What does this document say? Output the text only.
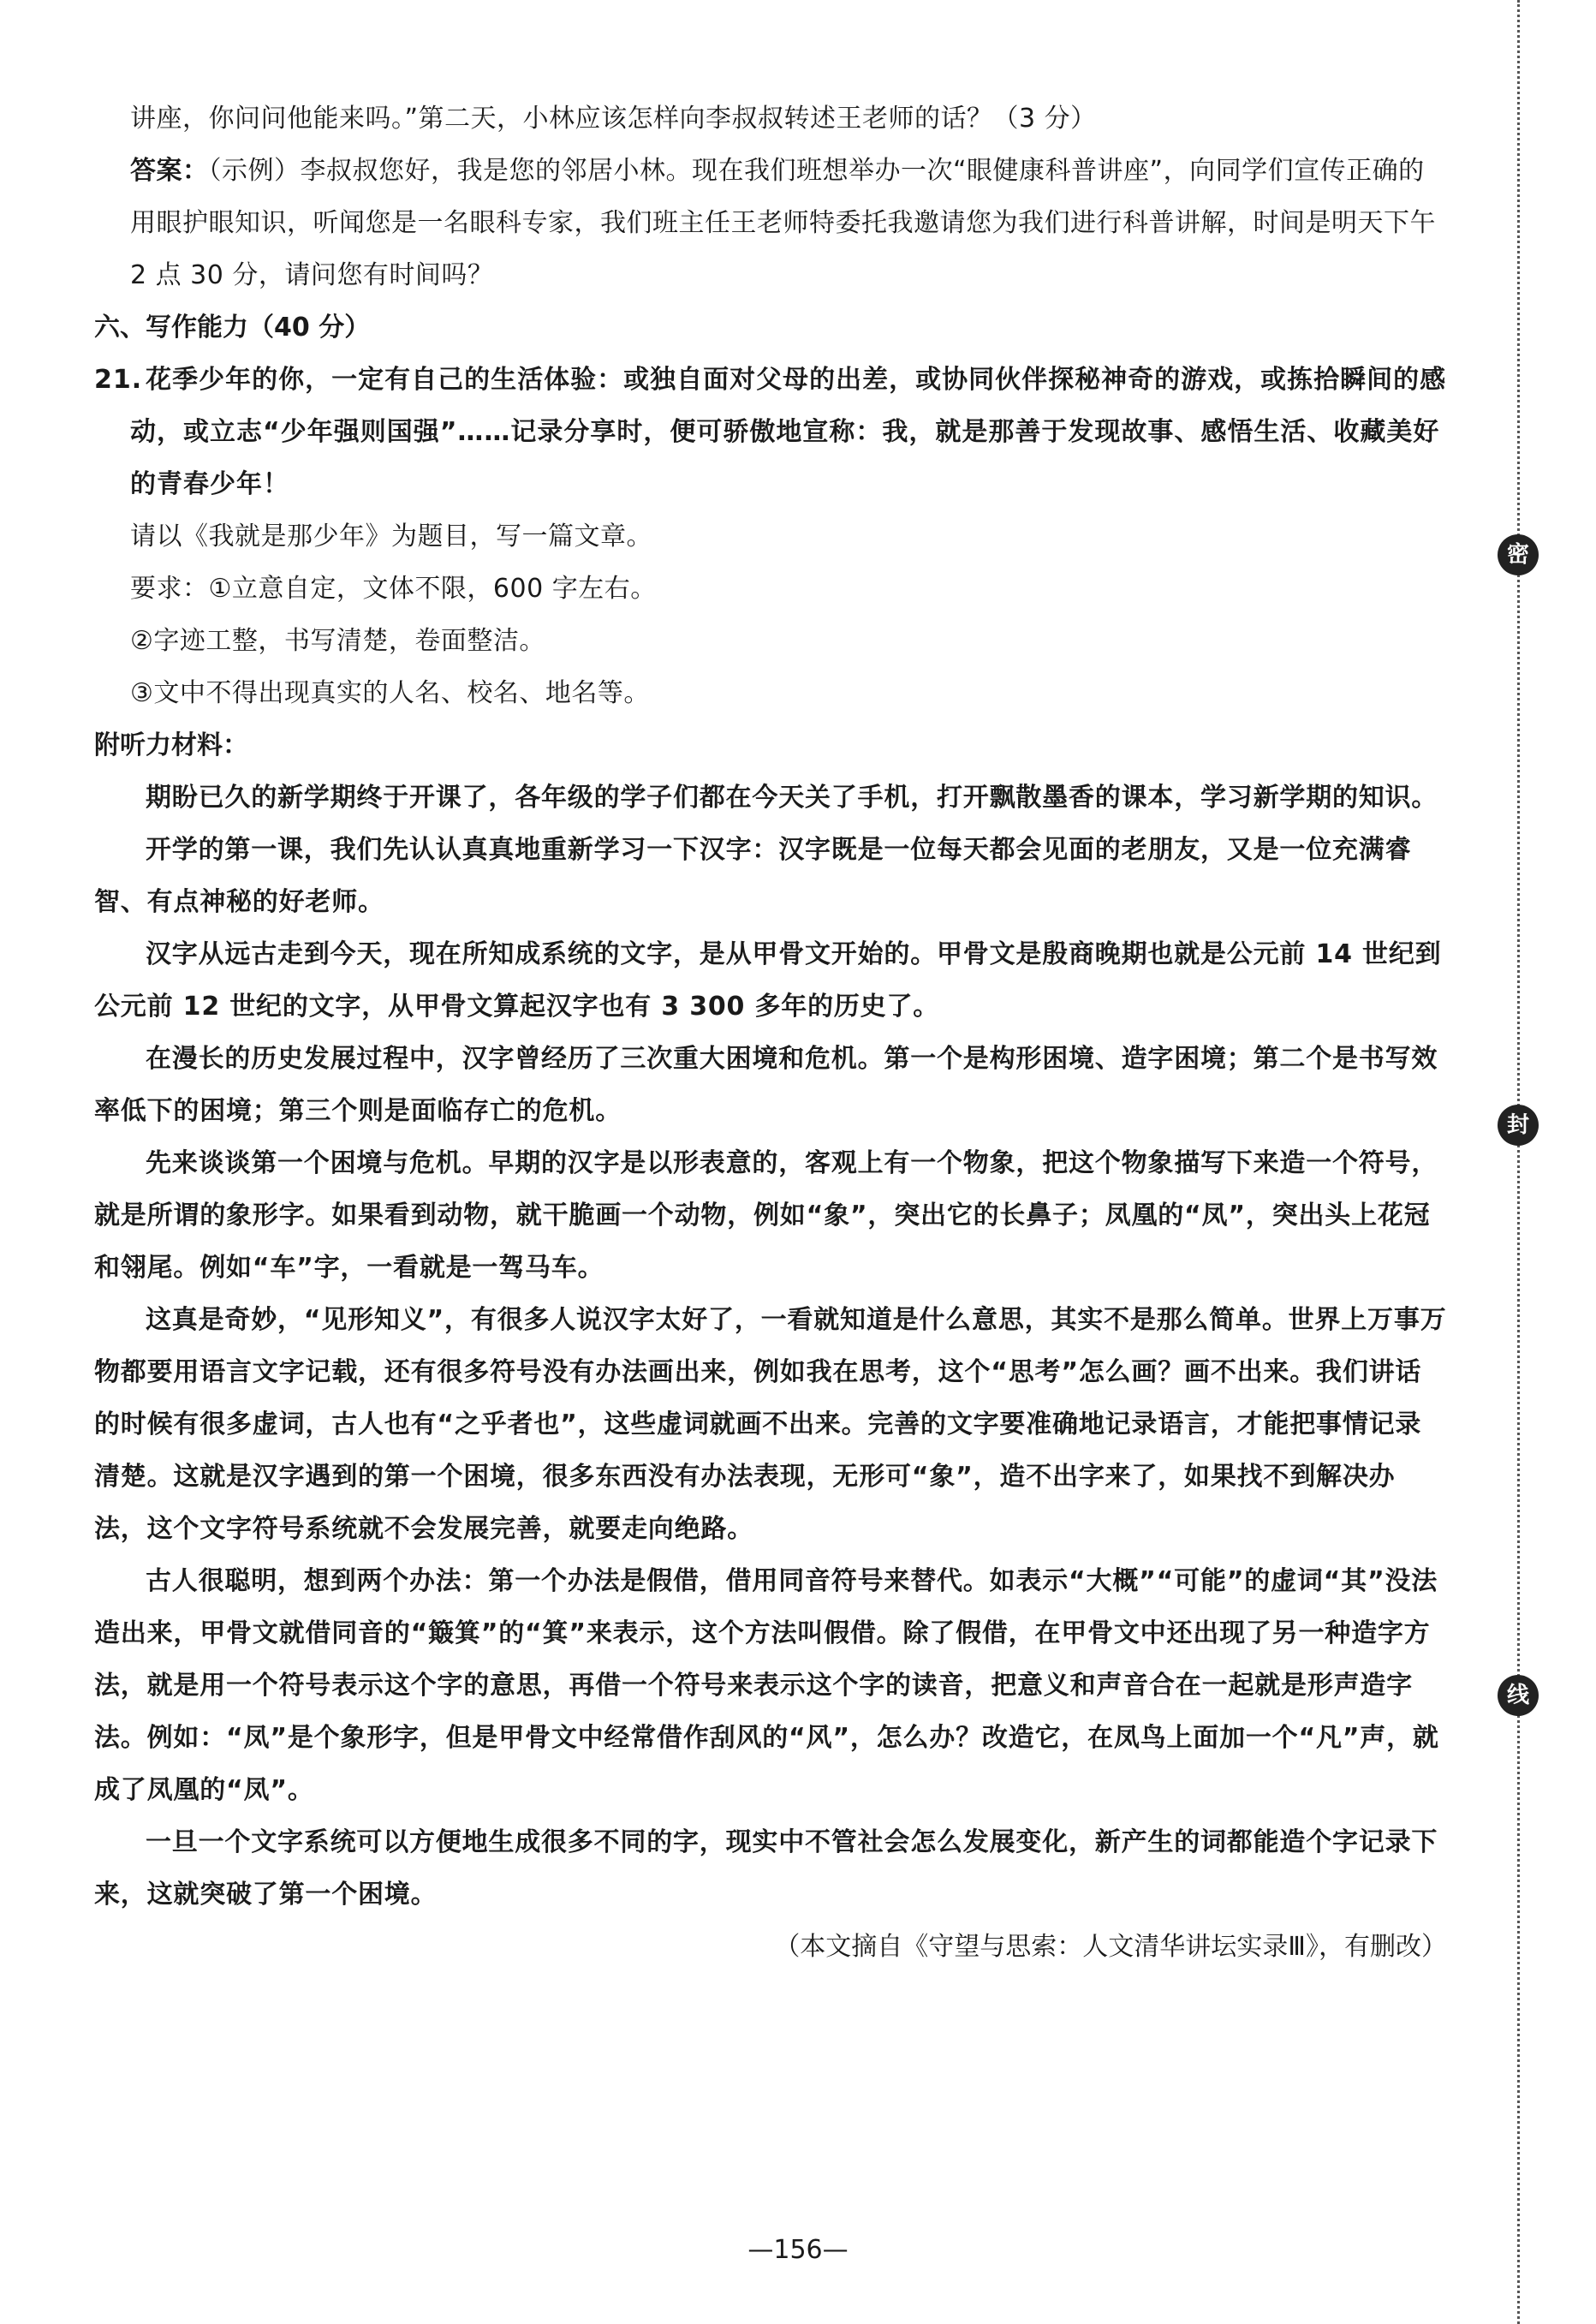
密
封
线

讲座，你问问他能来吗。”第二天，小林应该怎样向李叔叔转述王老师的话？（3 分）

答案：（示例）李叔叔您好，我是您的邻居小林。现在我们班想举办一次“眼健康科普讲座”，向同学们宣传正确的用眼护眼知识，听闻您是一名眼科专家，我们班主任王老师特委托我邀请您为我们进行科普讲解，时间是明天下午 2 点 30 分，请问您有时间吗？

六、写作能力（40 分）

21. 花季少年的你，一定有自己的生活体验：或独自面对父母的出差，或协同伙伴探秘神奇的游戏，或拣拾瞬间的感动，或立志“少年强则国强”……记录分享时，便可骄傲地宣称：我，就是那善于发现故事、感悟生活、收藏美好的青春少年！

请以《我就是那少年》为题目，写一篇文章。

要求：①立意自定，文体不限，600 字左右。

②字迹工整，书写清楚，卷面整洁。

③文中不得出现真实的人名、校名、地名等。

附听力材料：

期盼已久的新学期终于开课了，各年级的学子们都在今天关了手机，打开飘散墨香的课本，学习新学期的知识。

开学的第一课，我们先认认真真地重新学习一下汉字：汉字既是一位每天都会见面的老朋友，又是一位充满睿智、有点神秘的好老师。

汉字从远古走到今天，现在所知成系统的文字，是从甲骨文开始的。甲骨文是殷商晚期也就是公元前 14 世纪到公元前 12 世纪的文字，从甲骨文算起汉字也有 3 300 多年的历史了。

在漫长的历史发展过程中，汉字曾经历了三次重大困境和危机。第一个是构形困境、造字困境；第二个是书写效率低下的困境；第三个则是面临存亡的危机。

先来谈谈第一个困境与危机。早期的汉字是以形表意的，客观上有一个物象，把这个物象描写下来造一个符号，就是所谓的象形字。如果看到动物，就干脆画一个动物，例如“象”，突出它的长鼻子；凤凰的“凤”，突出头上花冠和翎尾。例如“车”字，一看就是一驾马车。

这真是奇妙，“见形知义”，有很多人说汉字太好了，一看就知道是什么意思，其实不是那么简单。世界上万事万物都要用语言文字记载，还有很多符号没有办法画出来，例如我在思考，这个“思考”怎么画？画不出来。我们讲话的时候有很多虚词，古人也有“之乎者也”，这些虚词就画不出来。完善的文字要准确地记录语言，才能把事情记录清楚。这就是汉字遇到的第一个困境，很多东西没有办法表现，无形可“象”，造不出字来了，如果找不到解决办法，这个文字符号系统就不会发展完善，就要走向绝路。

古人很聪明，想到两个办法：第一个办法是假借，借用同音符号来替代。如表示“大概”“可能”的虚词“其”没法造出来，甲骨文就借同音的“簸箕”的“箕”来表示，这个方法叫假借。除了假借，在甲骨文中还出现了另一种造字方法，就是用一个符号表示这个字的意思，再借一个符号来表示这个字的读音，把意义和声音合在一起就是形声造字法。例如：“凤”是个象形字，但是甲骨文中经常借作刮风的“风”，怎么办？改造它，在凤鸟上面加一个“凡”声，就成了凤凰的“凤”。

一旦一个文字系统可以方便地生成很多不同的字，现实中不管社会怎么发展变化，新产生的词都能造个字记录下来，这就突破了第一个困境。

（本文摘自《守望与思索：人文清华讲坛实录Ⅲ》，有删改）

—156—
